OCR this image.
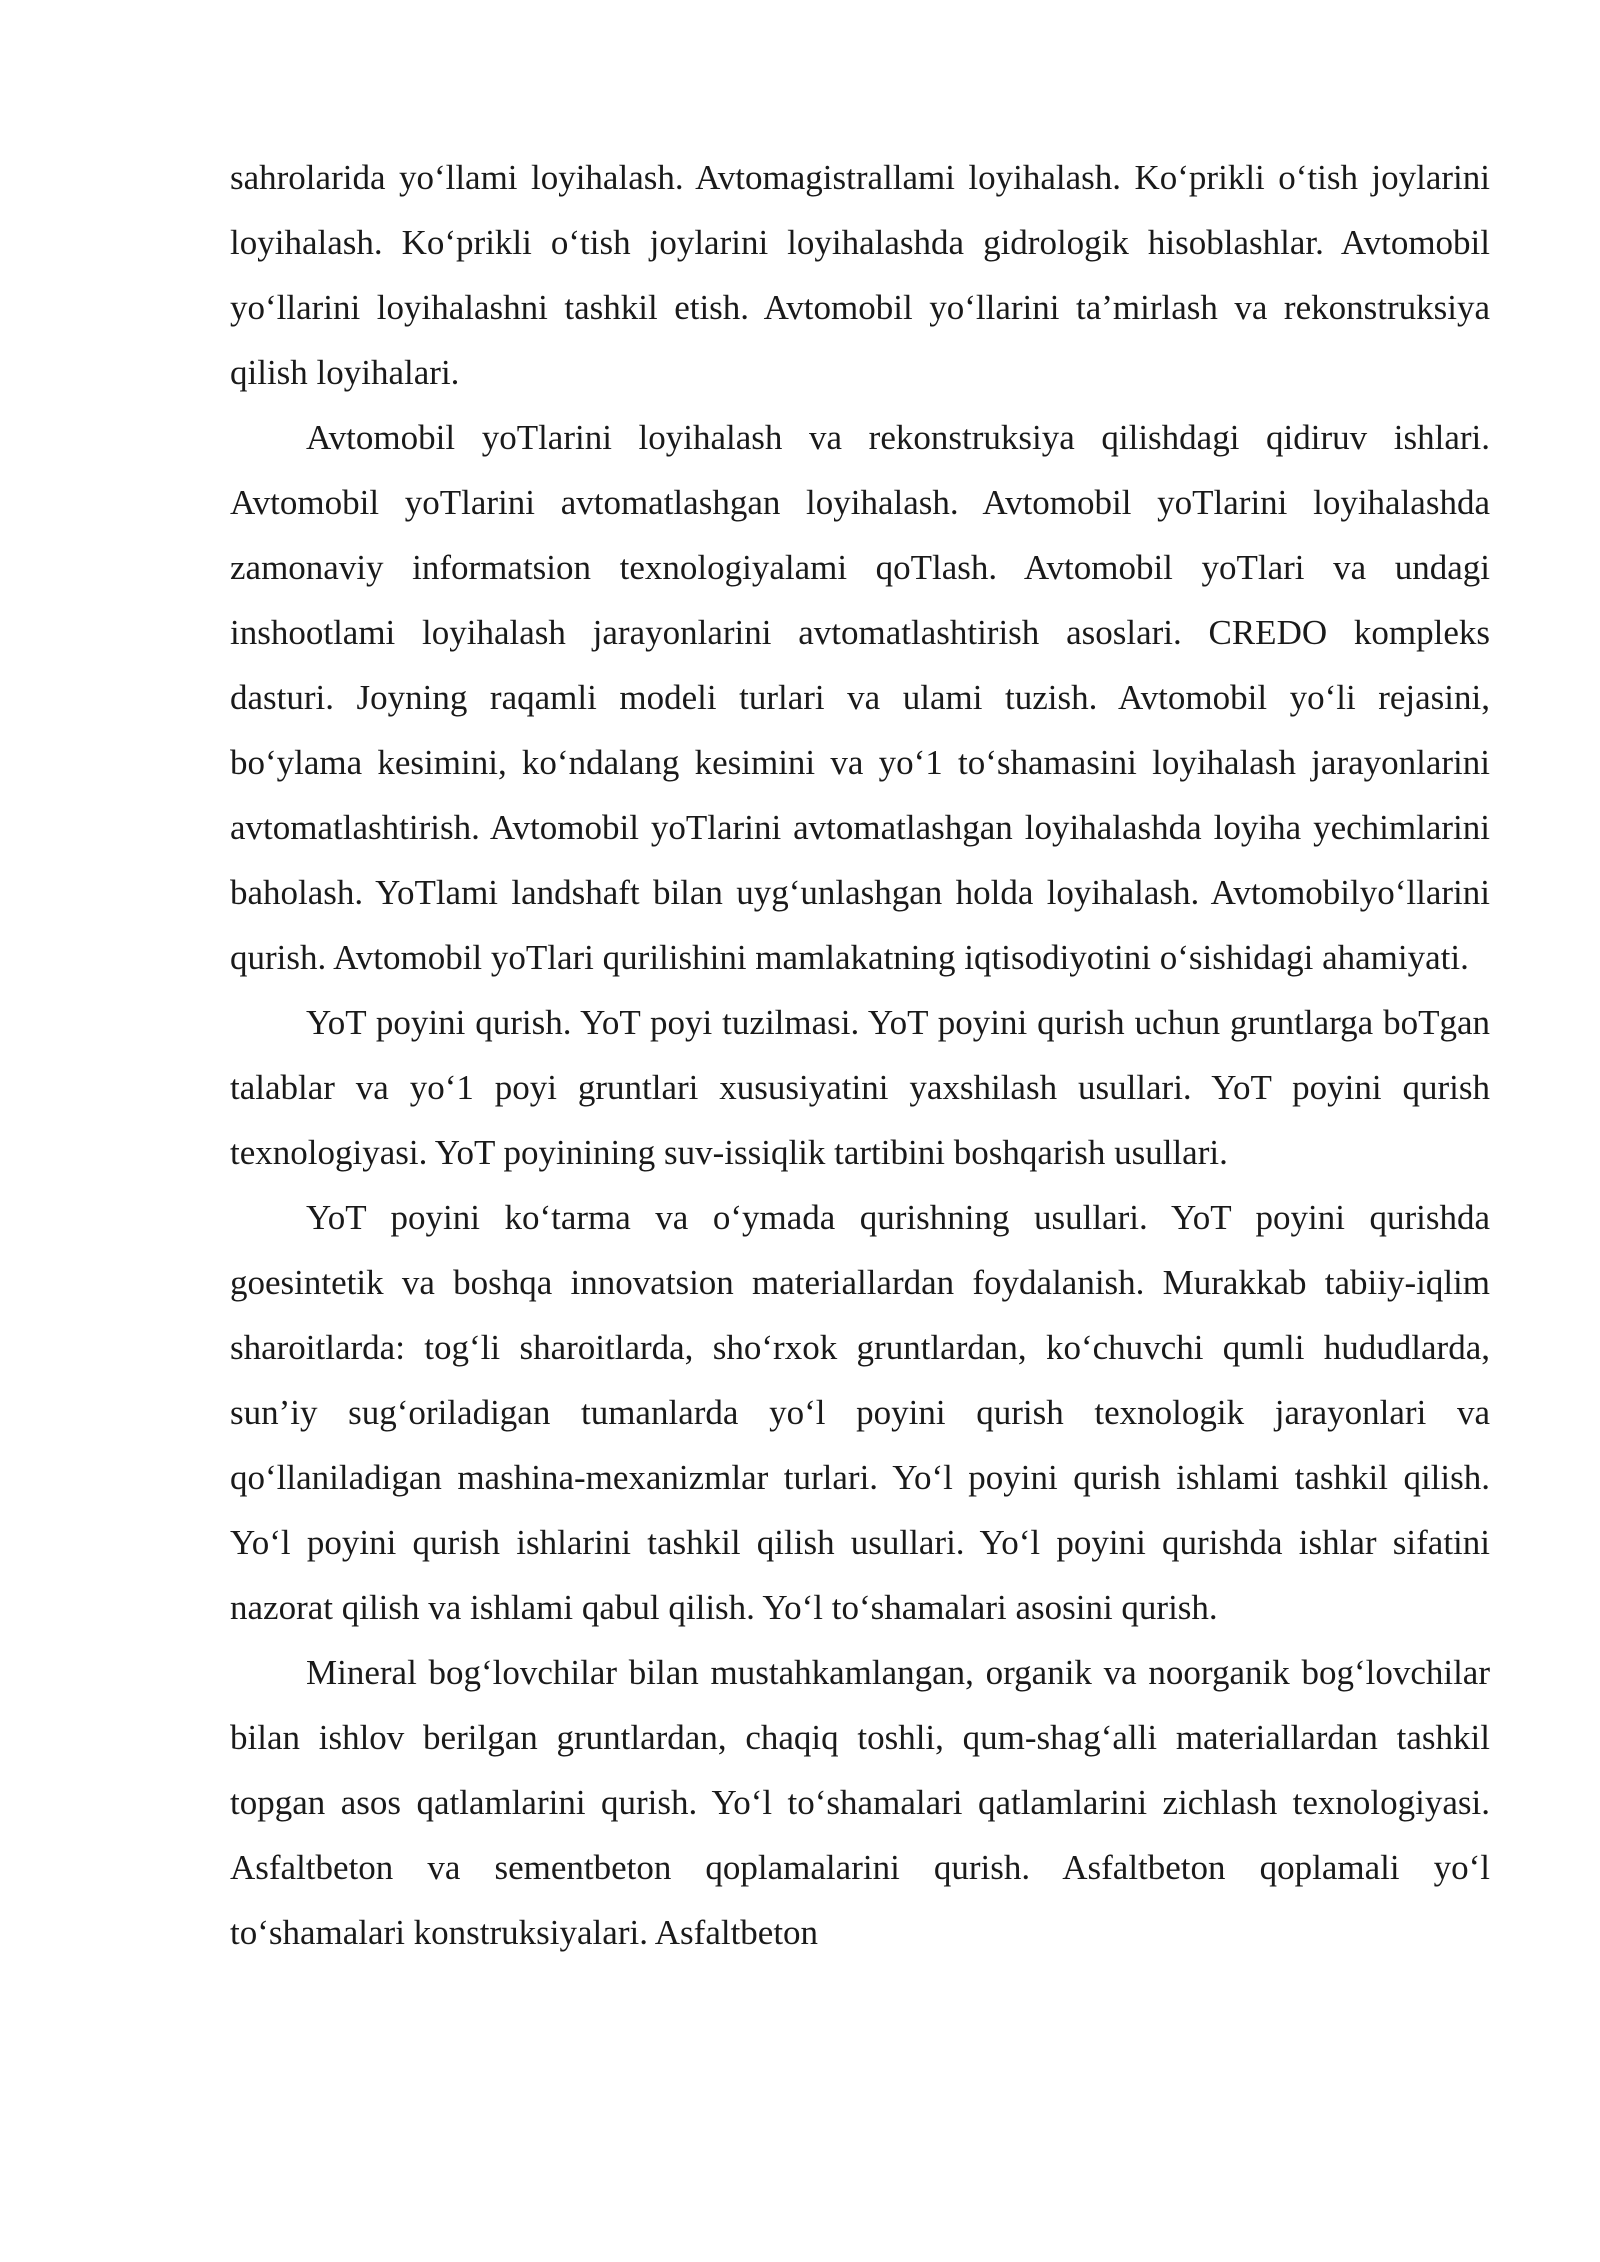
sahrolarida yo‘llami loyihalash. Avtomagistrallami loyihalash. Ko‘prikli o‘tish joylarini loyihalash. Ko‘prikli o‘tish joylarini loyihalashda gidrologik hisoblashlar. Avtomobil yo‘llarini loyihalashni tashkil etish. Avtomobil yo‘llarini ta’mirlash va rekonstruksiya qilish loyihalari.

Avtomobil yoTlarini loyihalash va rekonstruksiya qilishdagi qidiruv ishlari. Avtomobil yoTlarini avtomatlashgan loyihalash. Avtomobil yoTlarini loyihalashda zamonaviy informatsion texnologiyalami qoTlash. Avtomobil yoTlari va undagi inshootlami loyihalash jarayonlarini avtomatlashtirish asoslari. CREDO kompleks dasturi. Joyning raqamli modeli turlari va ulami tuzish. Avtomobil yo‘li rejasini, bo‘ylama kesimini, ko‘ndalang kesimini va yo‘1 to‘shamasini loyihalash jarayonlarini avtomatlashtirish. Avtomobil yoTlarini avtomatlashgan loyihalashda loyiha yechimlarini baholash. YoTlami landshaft bilan uyg‘unlashgan holda loyihalash. Avtomobilyo‘llarini qurish. Avtomobil yoTlari qurilishini mamlakatning iqtisodiyotini o‘sishidagi ahamiyati.

YoT poyini qurish. YoT poyi tuzilmasi. YoT poyini qurish uchun gruntlarga boTgan talablar va yo‘1 poyi gruntlari xususiyatini yaxshilash usullari. YoT poyini qurish texnologiyasi. YoT poyinining suv-issiqlik tartibini boshqarish usullari.

YoT poyini ko‘tarma va o‘ymada qurishning usullari. YoT poyini qurishda goesintetik va boshqa innovatsion materiallardan foydalanish. Murakkab tabiiy-iqlim sharoitlarda: tog‘li sharoitlarda, sho‘rxok gruntlardan, ko‘chuvchi qumli hududlarda, sun’iy sug‘oriladigan tumanlarda yo‘l poyini qurish texnologik jarayonlari va qo‘llaniladigan mashina-mexanizmlar turlari. Yo‘l poyini qurish ishlami tashkil qilish. Yo‘l poyini qurish ishlarini tashkil qilish usullari. Yo‘l poyini qurishda ishlar sifatini nazorat qilish va ishlami qabul qilish. Yo‘l to‘shamalari asosini qurish.

Mineral bog‘lovchilar bilan mustahkamlangan, organik va noorganik bog‘lovchilar bilan ishlov berilgan gruntlardan, chaqiq toshli, qum-shag‘alli materiallardan tashkil topgan asos qatlamlarini qurish. Yo‘l to‘shamalari qatlamlarini zichlash texnologiyasi. Asfaltbeton va sementbeton qoplamalarini qurish. Asfaltbeton qoplamali yo‘l to‘shamalari konstruksiyalari. Asfaltbeton
